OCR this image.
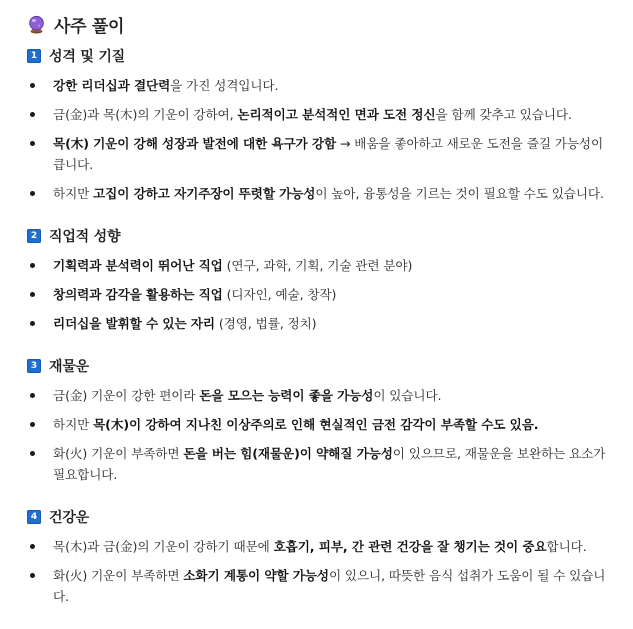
사주 풀이
1 성격 및 기질
강한 리더십과 결단력을 가진 성격입니다.
금(金)과 목(木)의 기운이 강하여, 논리적이고 분석적인 면과 도전 정신을 함께 갖추고 있습니다.
목(木) 기운이 강해 성장과 발전에 대한 욕구가 강함 → 배움을 좋아하고 새로운 도전을 즐길 가능성이 큽니다.
하지만 고집이 강하고 자기주장이 뚜렷할 가능성이 높아, 융통성을 기르는 것이 필요할 수도 있습니다.
2 직업적 성향
기획력과 분석력이 뛰어난 직업 (연구, 과학, 기획, 기술 관련 분야)
창의력과 감각을 활용하는 직업 (디자인, 예술, 창작)
리더십을 발휘할 수 있는 자리 (경영, 법률, 정치)
3 재물운
금(金) 기운이 강한 편이라 돈을 모으는 능력이 좋을 가능성이 있습니다.
하지만 목(木)이 강하여 지나친 이상주의로 인해 현실적인 금전 감각이 부족할 수도 있음.
화(火) 기운이 부족하면 돈을 버는 힘(재물운)이 약해질 가능성이 있으므로, 재물운을 보완하는 요소가 필요합니다.
4 건강운
목(木)과 금(金)의 기운이 강하기 때문에 호흡기, 피부, 간 관련 건강을 잘 챙기는 것이 중요합니다.
화(火) 기운이 부족하면 소화기 계통이 약할 가능성이 있으니, 따뜻한 음식 섭취가 도움이 될 수 있습니다.
